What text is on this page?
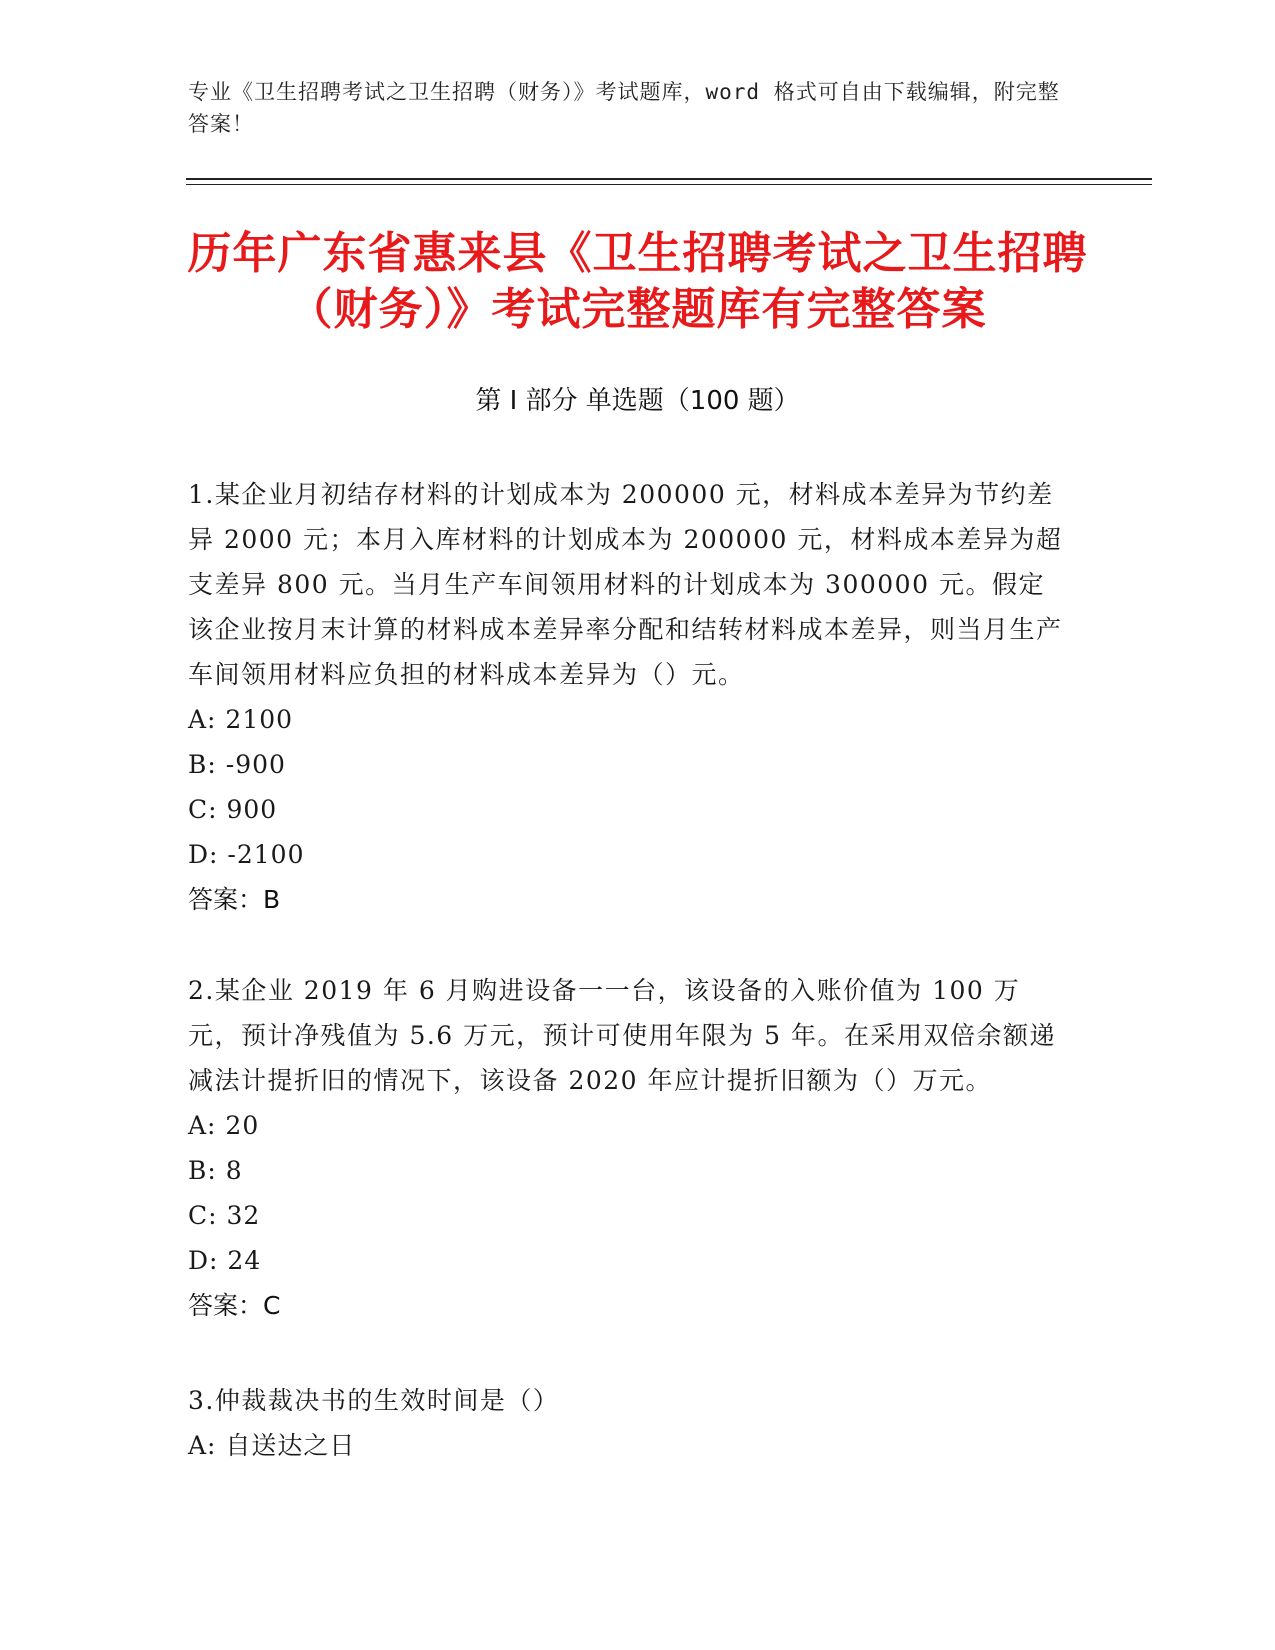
专业《卫生招聘考试之卫生招聘（财务）》考试题库，word 格式可自由下载编辑，附完整答案！
历年广东省惠来县《卫生招聘考试之卫生招聘（财务）》考试完整题库有完整答案
第 I 部分 单选题（100 题）

1.某企业月初结存材料的计划成本为 200000 元，材料成本差异为节约差异 2000 元；本月入库材料的计划成本为 200000 元，材料成本差异为超支差异 800 元。当月生产车间领用材料的计划成本为 300000 元。假定该企业按月末计算的材料成本差异率分配和结转材料成本差异，则当月生产车间领用材料应负担的材料成本差异为（）元。

A: 2100

B: -900

C: 900

D: -2100

答案：B

2.某企业 2019 年 6 月购进设备一一台，该设备的入账价值为 100 万元，预计净残值为 5.6 万元，预计可使用年限为 5 年。在采用双倍余额递减法计提折旧的情况下，该设备 2020 年应计提折旧额为（）万元。

A: 20

B: 8

C: 32

D: 24

答案：C

3.仲裁裁决书的生效时间是（）

A: 自送达之日
